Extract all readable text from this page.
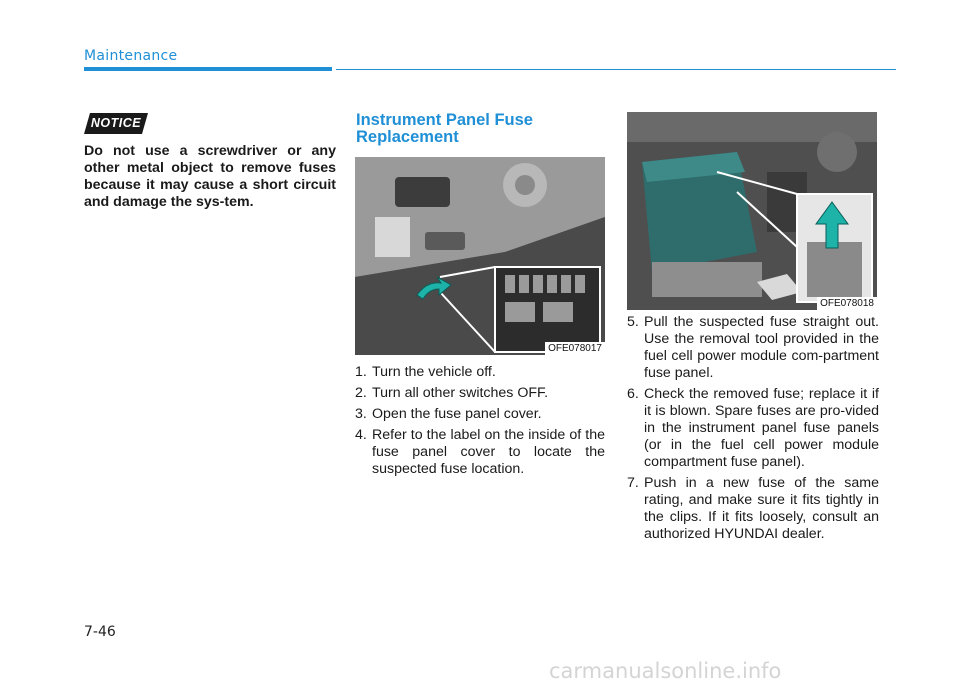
Maintenance
NOTICE
Do not use a screwdriver or any other metal object to remove fuses because it may cause a short circuit and damage the sys-tem.
Instrument Panel Fuse Replacement
OFE078017
1. Turn the vehicle off.
2. Turn all other switches OFF.
3. Open the fuse panel cover.
4. Refer to the label on the inside of the fuse panel cover to locate the suspected fuse location.
OFE078018
5. Pull the suspected fuse straight out. Use the removal tool provided in the fuel cell power module com-partment fuse panel.
6. Check the removed fuse; replace it if it is blown. Spare fuses are pro-vided in the instrument panel fuse panels (or in the fuel cell power module compartment fuse panel).
7. Push in a new fuse of the same rating, and make sure it fits tightly in the clips. If it fits loosely, consult an authorized HYUNDAI dealer.
7-46
carmanualsonline.info
